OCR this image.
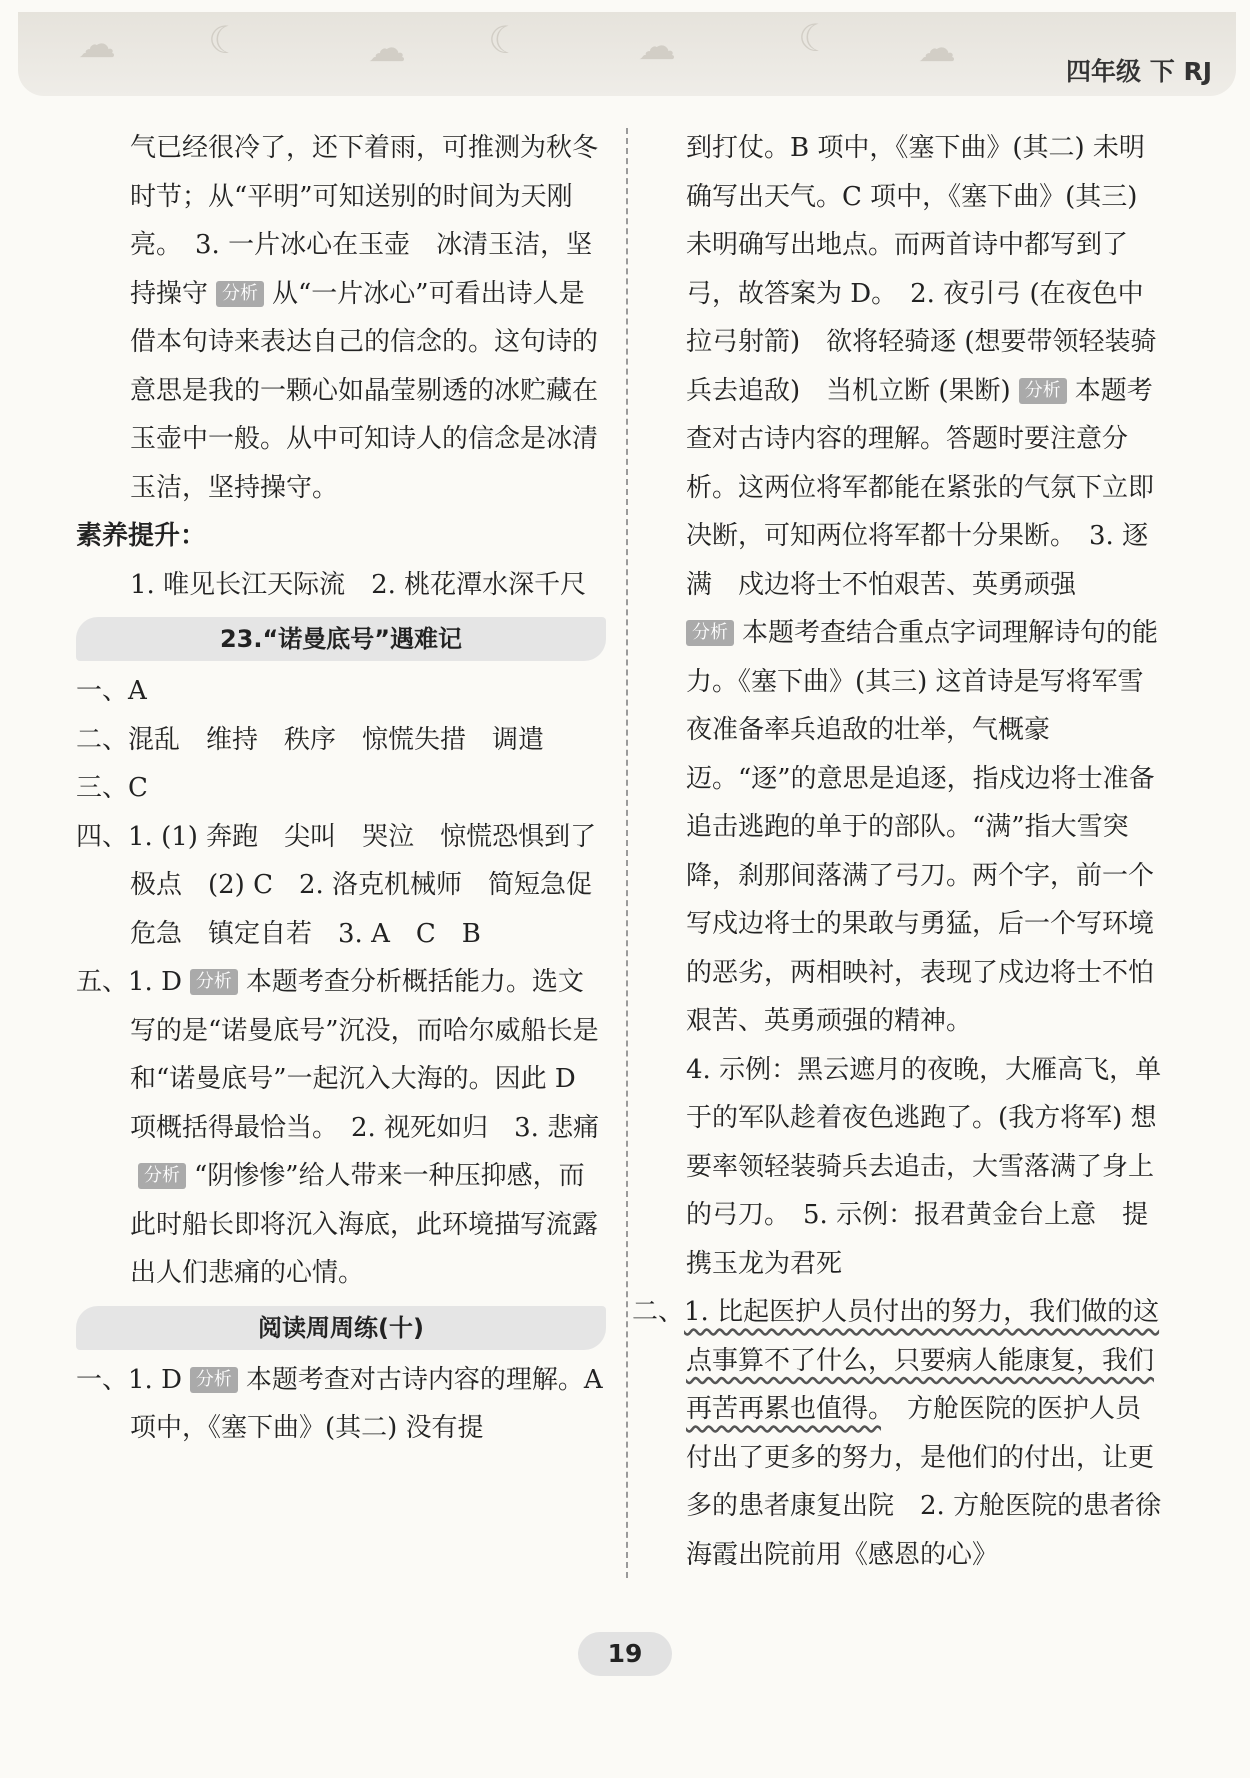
☁ ☾	☁ ☾	☁	☾ ☁
四年级 下 RJ

气已经很冷了，还下着雨，可推测为秋冬时节；从“平明”可知送别的时间为天刚亮。　3. 一片冰心在玉壶　冰清玉洁，坚持操守 分析 从“一片冰心”可看出诗人是借本句诗来表达自己的信念的。这句诗的意思是我的一颗心如晶莹剔透的冰贮藏在玉壶中一般。从中可知诗人的信念是冰清玉洁，坚持操守。

素养提升：

1. 唯见长江天际流　2. 桃花潭水深千尺

23.“诺曼底号”遇难记

一、A

二、混乱　维持　秩序　惊慌失措　调遣

三、C

四、1. (1) 奔跑　尖叫　哭泣　惊慌恐惧到了极点　(2) C　2. 洛克机械师　简短急促　危急　镇定自若　3. A　C　B

五、1. D 分析 本题考查分析概括能力。选文写的是“诺曼底号”沉没，而哈尔威船长是和“诺曼底号”一起沉入大海的。因此 D 项概括得最恰当。　2. 视死如归　3. 悲痛分析 “阴惨惨”给人带来一种压抑感，而此时船长即将沉入海底，此环境描写流露出人们悲痛的心情。

阅读周周练(十)

一、1. D 分析 本题考查对古诗内容的理解。A 项中，《塞下曲》(其二) 没有提

到打仗。B 项中，《塞下曲》(其二) 未明确写出天气。C 项中，《塞下曲》(其三) 未明确写出地点。而两首诗中都写到了弓，故答案为 D。　2. 夜引弓 (在夜色中拉弓射箭)　欲将轻骑逐 (想要带领轻装骑兵去追敌)　当机立断 (果断) 分析 本题考查对古诗内容的理解。答题时要注意分析。这两位将军都能在紧张的气氛下立即决断，可知两位将军都十分果断。　3. 逐　满　戍边将士不怕艰苦、英勇顽强

分析 本题考查结合重点字词理解诗句的能力。《塞下曲》(其三) 这首诗是写将军雪夜准备率兵追敌的壮举，气概豪迈。“逐”的意思是追逐，指戍边将士准备追击逃跑的单于的部队。“满”指大雪突降，刹那间落满了弓刀。两个字，前一个写戍边将士的果敢与勇猛，后一个写环境的恶劣，两相映衬，表现了戍边将士不怕艰苦、英勇顽强的精神。

4. 示例：黑云遮月的夜晚，大雁高飞，单于的军队趁着夜色逃跑了。(我方将军) 想要率领轻装骑兵去追击，大雪落满了身上的弓刀。　5. 示例：报君黄金台上意　提携玉龙为君死

二、1. 比起医护人员付出的努力，我们做的这点事算不了什么，只要病人能康复，我们再苦再累也值得。　方舱医院的医护人员付出了更多的努力，是他们的付出，让更多的患者康复出院　2. 方舱医院的患者徐海霞出院前用《感恩的心》

19
